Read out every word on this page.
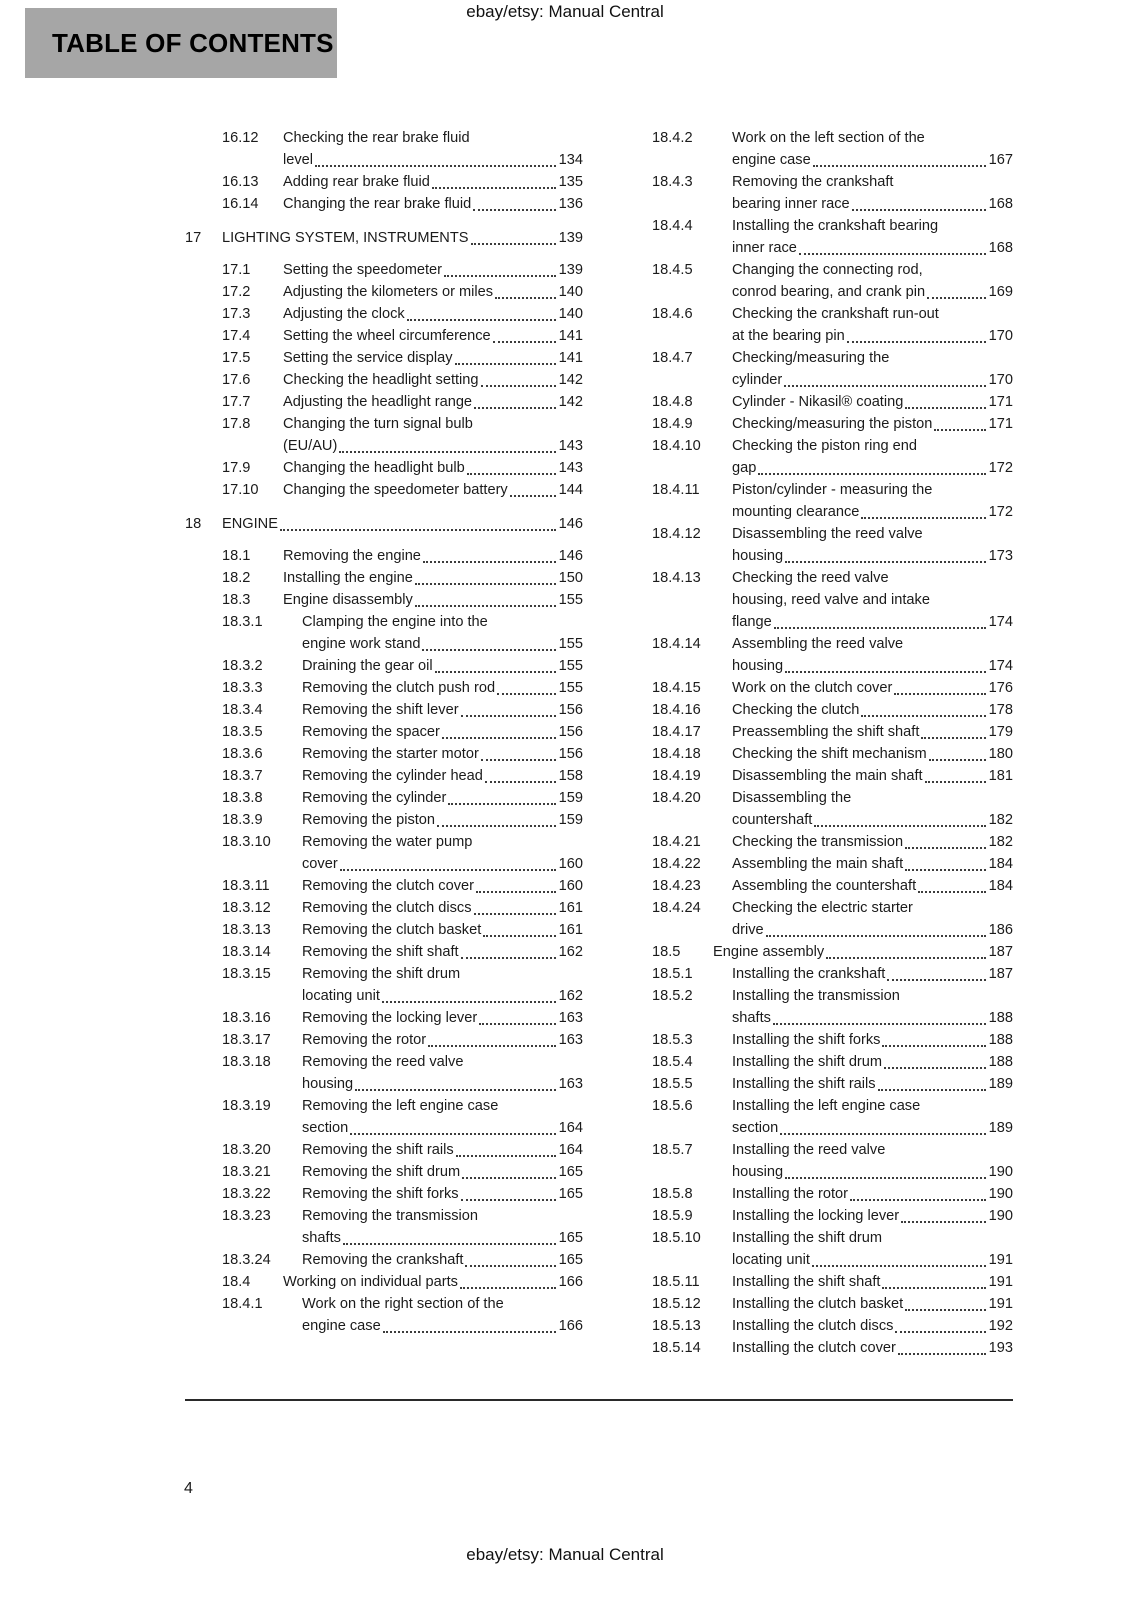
ebay/etsy: Manual Central
TABLE OF CONTENTS
16.12	Checking the rear brake fluid
level	134
16.13	Adding rear brake fluid	135
16.14	Changing the rear brake fluid	136
17	LIGHTING SYSTEM, INSTRUMENTS	139
17.1	Setting the speedometer	139
17.2	Adjusting the kilometers or miles	140
17.3	Adjusting the clock	140
17.4	Setting the wheel circumference	141
17.5	Setting the service display	141
17.6	Checking the headlight setting	142
17.7	Adjusting the headlight range	142
17.8	Changing the turn signal bulb
(EU/AU)	143
17.9	Changing the headlight bulb	143
17.10	Changing the speedometer battery	144
18	ENGINE	146
18.1	Removing the engine	146
18.2	Installing the engine	150
18.3	Engine disassembly	155
18.3.1	Clamping the engine into the
engine work stand	155
18.3.2	Draining the gear oil	155
18.3.3	Removing the clutch push rod	155
18.3.4	Removing the shift lever	156
18.3.5	Removing the spacer	156
18.3.6	Removing the starter motor	156
18.3.7	Removing the cylinder head	158
18.3.8	Removing the cylinder	159
18.3.9	Removing the piston	159
18.3.10	Removing the water pump
cover	160
18.3.11	Removing the clutch cover	160
18.3.12	Removing the clutch discs	161
18.3.13	Removing the clutch basket	161
18.3.14	Removing the shift shaft	162
18.3.15	Removing the shift drum
locating unit	162
18.3.16	Removing the locking lever	163
18.3.17	Removing the rotor	163
18.3.18	Removing the reed valve
housing	163
18.3.19	Removing the left engine case
section	164
18.3.20	Removing the shift rails	164
18.3.21	Removing the shift drum	165
18.3.22	Removing the shift forks	165
18.3.23	Removing the transmission
shafts	165
18.3.24	Removing the crankshaft	165
18.4	Working on individual parts	166
18.4.1	Work on the right section of the
engine case	166
18.4.2	Work on the left section of the
engine case	167
18.4.3	Removing the crankshaft
bearing inner race	168
18.4.4	Installing the crankshaft bearing
inner race	168
18.4.5	Changing the connecting rod,
conrod bearing, and crank pin	169
18.4.6	Checking the crankshaft run-out
at the bearing pin	170
18.4.7	Checking/measuring the
cylinder	170
18.4.8	Cylinder - Nikasil® coating	171
18.4.9	Checking/measuring the piston	171
18.4.10	Checking the piston ring end
gap	172
18.4.11	Piston/cylinder - measuring the
mounting clearance	172
18.4.12	Disassembling the reed valve
housing	173
18.4.13	Checking the reed valve
housing, reed valve and intake
flange	174
18.4.14	Assembling the reed valve
housing	174
18.4.15	Work on the clutch cover	176
18.4.16	Checking the clutch	178
18.4.17	Preassembling the shift shaft	179
18.4.18	Checking the shift mechanism	180
18.4.19	Disassembling the main shaft	181
18.4.20	Disassembling the
countershaft	182
18.4.21	Checking the transmission	182
18.4.22	Assembling the main shaft	184
18.4.23	Assembling the countershaft	184
18.4.24	Checking the electric starter
drive	186
18.5	Engine assembly	187
18.5.1	Installing the crankshaft	187
18.5.2	Installing the transmission
shafts	188
18.5.3	Installing the shift forks	188
18.5.4	Installing the shift drum	188
18.5.5	Installing the shift rails	189
18.5.6	Installing the left engine case
section	189
18.5.7	Installing the reed valve
housing	190
18.5.8	Installing the rotor	190
18.5.9	Installing the locking lever	190
18.5.10	Installing the shift drum
locating unit	191
18.5.11	Installing the shift shaft	191
18.5.12	Installing the clutch basket	191
18.5.13	Installing the clutch discs	192
18.5.14	Installing the clutch cover	193
4
ebay/etsy: Manual Central
